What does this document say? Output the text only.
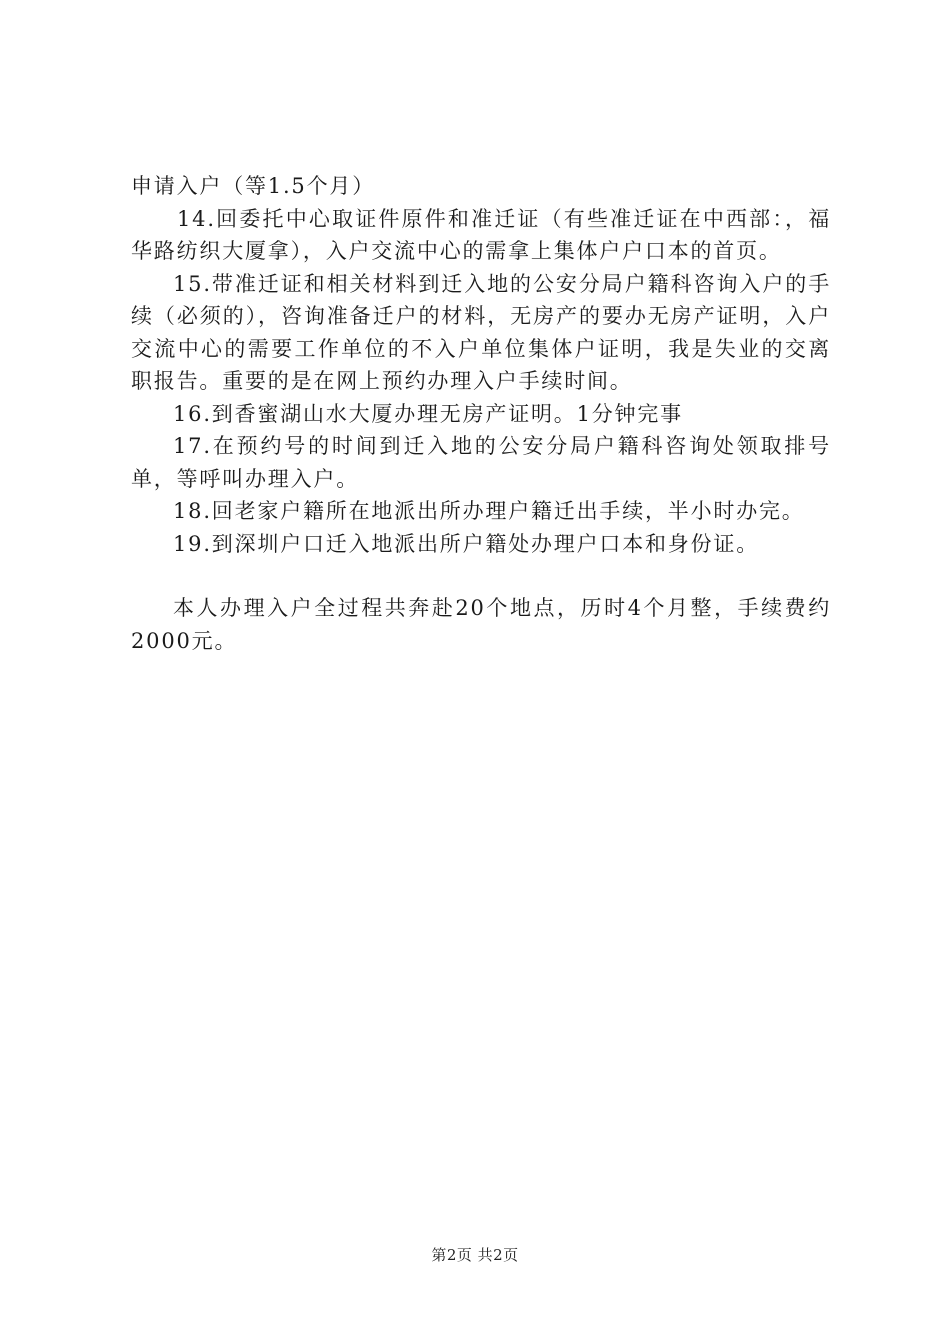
申请入户（等1.5个月）

14.回委托中心取证件原件和准迁证（有些准迁证在中西部：，福华路纺织大厦拿），入户交流中心的需拿上集体户户口本的首页。

15.带准迁证和相关材料到迁入地的公安分局户籍科咨询入户的手续（必须的），咨询准备迁户的材料，无房产的要办无房产证明，入户交流中心的需要工作单位的不入户单位集体户证明，我是失业的交离职报告。重要的是在网上预约办理入户手续时间。

16.到香蜜湖山水大厦办理无房产证明。1分钟完事

17.在预约号的时间到迁入地的公安分局户籍科咨询处领取排号单，等呼叫办理入户。

18.回老家户籍所在地派出所办理户籍迁出手续，半小时办完。

19.到深圳户口迁入地派出所户籍处办理户口本和身份证。

本人办理入户全过程共奔赴20个地点，历时4个月整，手续费约2000元。

第2页 共2页
